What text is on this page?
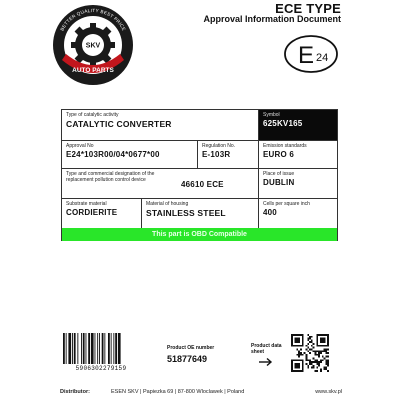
SKV
AUTO PARTS
BETTER QUALITY BEST PRICE
ECE TYPE
Approval Information Document
E 24
Type of catalytic activity
CATALYTIC CONVERTER
Symbol
625KV165
Approval No
E24*103R00/04*0677*00
Regulation No.
E-103R
Emission standards
EURO 6
Type and commercial designation of the replacement pollution control device	46610 ECE
Place of issue
DUBLIN
Substrate material
CORDIERITE
Material of housing
STAINLESS STEEL
Cells per square inch
400
This part is OBD Compatible
5906302279159
Product OE number
51877649
Product data sheet
Distributor:	ESEN SKV | Papiezka 69 | 87-800 Wloclawek | Poland	www.skv.pl
